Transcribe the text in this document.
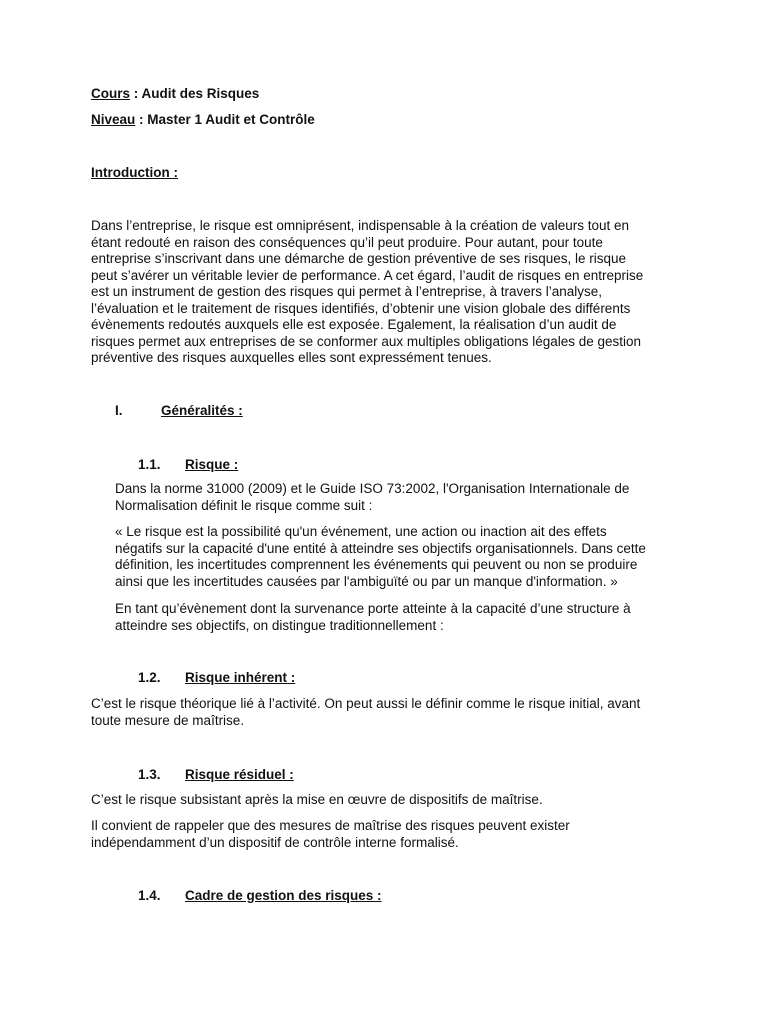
Cours : Audit des Risques
Niveau : Master 1 Audit et Contrôle
Introduction :
Dans l’entreprise, le risque est omniprésent, indispensable à la création de valeurs tout en
étant redouté en raison des conséquences qu’il peut produire. Pour autant, pour toute
entreprise s’inscrivant dans une démarche de gestion préventive de ses risques, le risque
peut s’avérer un véritable levier de performance. A cet égard, l’audit de risques en entreprise
est un instrument de gestion des risques qui permet à l’entreprise, à travers l’analyse,
l’évaluation et le traitement de risques identifiés, d’obtenir une vision globale des différents
évènements redoutés auxquels elle est exposée. Egalement, la réalisation d’un audit de
risques permet aux entreprises de se conformer aux multiples obligations légales de gestion
préventive des risques auxquelles elles sont expressément tenues.
I.	Généralités :
1.1. Risque :
Dans la norme 31000 (2009) et le Guide ISO 73:2002, l'Organisation Internationale de
Normalisation définit le risque comme suit :
« Le risque est la possibilité qu'un événement, une action ou inaction ait des effets
négatifs sur la capacité d'une entité à atteindre ses objectifs organisationnels. Dans cette
définition, les incertitudes comprennent les événements qui peuvent ou non se produire
ainsi que les incertitudes causées par l'ambiguïté ou par un manque d'information. »
En tant qu’évènement dont la survenance porte atteinte à la capacité d’une structure à
atteindre ses objectifs, on distingue traditionnellement :
1.2. Risque inhérent :
C’est le risque théorique lié à l’activité. On peut aussi le définir comme le risque initial, avant
toute mesure de maîtrise.
1.3. Risque résiduel :
C’est le risque subsistant après la mise en œuvre de dispositifs de maîtrise.
Il convient de rappeler que des mesures de maîtrise des risques peuvent exister
indépendamment d’un dispositif de contrôle interne formalisé.
1.4. Cadre de gestion des risques :
